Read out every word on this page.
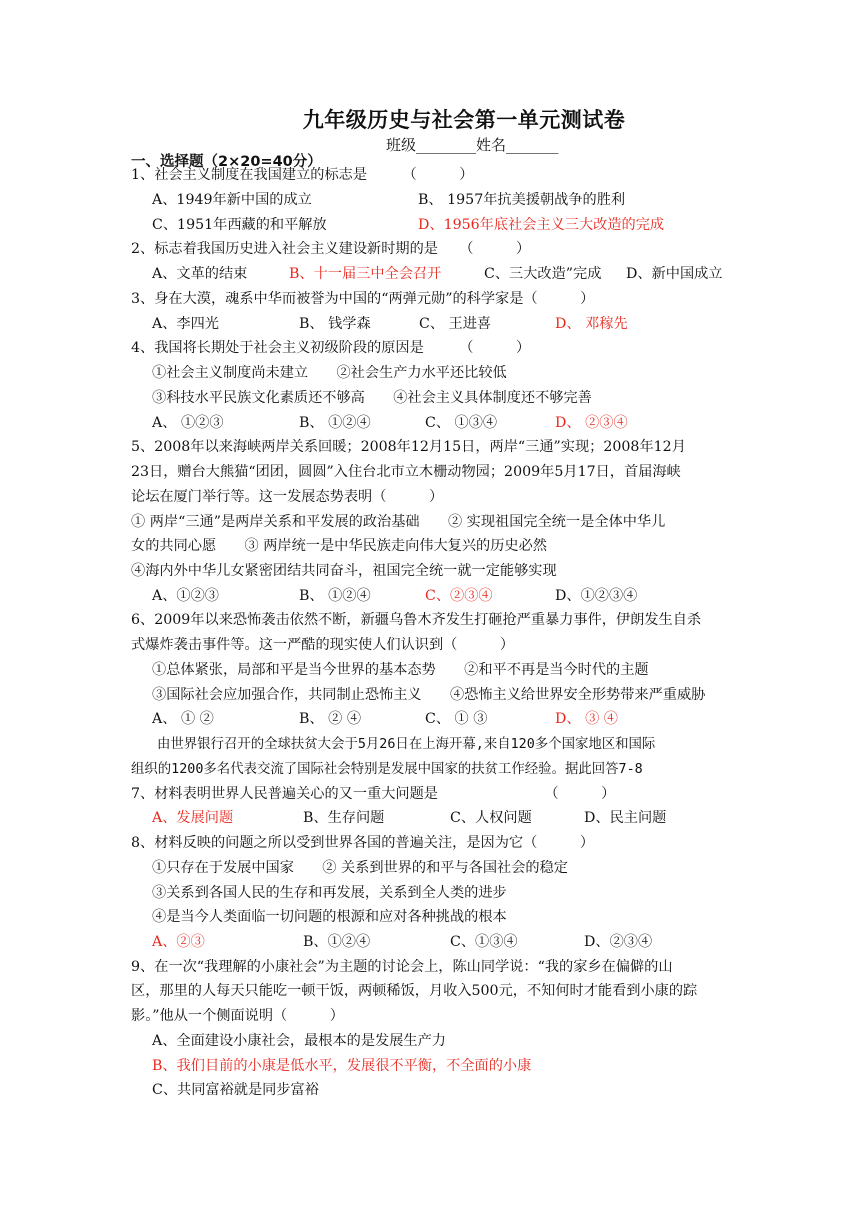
九年级历史与社会第一单元测试卷
班级________姓名_______
一、选择题（2×20=40分）
1、社会主义制度在我国建立的标志是　　　（　　　）
A、1949年新中国的成立	B、 1957年抗美援朝战争的胜利
C、1951年西藏的和平解放	D、1956年底社会主义三大改造的完成
2、标志着我国历史进入社会主义建设新时期的是　　（　　　）
A、文革的结束	B、十一届三中全会召开	C、三大改造”完成 D、新中国成立
3、身在大漠，魂系中华而被誉为中国的“两弹元勋”的科学家是（　　　）
A、李四光	B、 钱学森	C、 王进喜	D、 邓稼先
4、我国将长期处于社会主义初级阶段的原因是　　　（　　　）
①社会主义制度尚未建立　　②社会生产力水平还比较低
③科技水平民族文化素质还不够高　　④社会主义具体制度还不够完善
A、 ①②③	B、 ①②④	C、 ①③④	D、 ②③④
5、2008年以来海峡两岸关系回暖；2008年12月15日，两岸“三通”实现；2008年12月
23日，赠台大熊猫“团团，圆圆”入住台北市立木栅动物园；2009年5月17日，首届海峡
论坛在厦门举行等。这一发展态势表明（　　　）
① 两岸“三通”是两岸关系和平发展的政治基础　　② 实现祖国完全统一是全体中华儿
女的共同心愿　　③ 两岸统一是中华民族走向伟大复兴的历史必然
④海内外中华儿女紧密团结共同奋斗，祖国完全统一就一定能够实现
A、①②③	B、 ①②④	C、②③④	D、①②③④
6、2009年以来恐怖袭击依然不断，新疆乌鲁木齐发生打砸抢严重暴力事件，伊朗发生自杀
式爆炸袭击事件等。这一严酷的现实使人们认识到（　　　）
①总体紧张，局部和平是当今世界的基本态势　　②和平不再是当今时代的主题
③国际社会应加强合作，共同制止恐怖主义　　④恐怖主义给世界安全形势带来严重威胁
A、 ① ②	B、 ② ④	C、 ① ③	D、 ③ ④
由世界银行召开的全球扶贫大会于5月26日在上海开幕,来自120多个国家地区和国际
组织的1200多名代表交流了国际社会特别是发展中国家的扶贫工作经验。据此回答7-8
7、材料表明世界人民普遍关心的又一重大问题是　　　　　　　　（　　　）
A、发展问题	B、生存问题	C、人权问题	D、民主问题
8、材料反映的问题之所以受到世界各国的普遍关注，是因为它（　　　）
①只存在于发展中国家　　② 关系到世界的和平与各国社会的稳定
③关系到各国人民的生存和再发展，关系到全人类的进步
④是当今人类面临一切问题的根源和应对各种挑战的根本
A、②③	B、①②④	C、①③④	D、②③④
9、在一次“我理解的小康社会”为主题的讨论会上，陈山同学说：“我的家乡在偏僻的山
区，那里的人每天只能吃一顿干饭，两顿稀饭，月收入500元，不知何时才能看到小康的踪
影。”他从一个侧面说明（　　　）
A、全面建设小康社会，最根本的是发展生产力
B、我们目前的小康是低水平，发展很不平衡，不全面的小康
C、共同富裕就是同步富裕
